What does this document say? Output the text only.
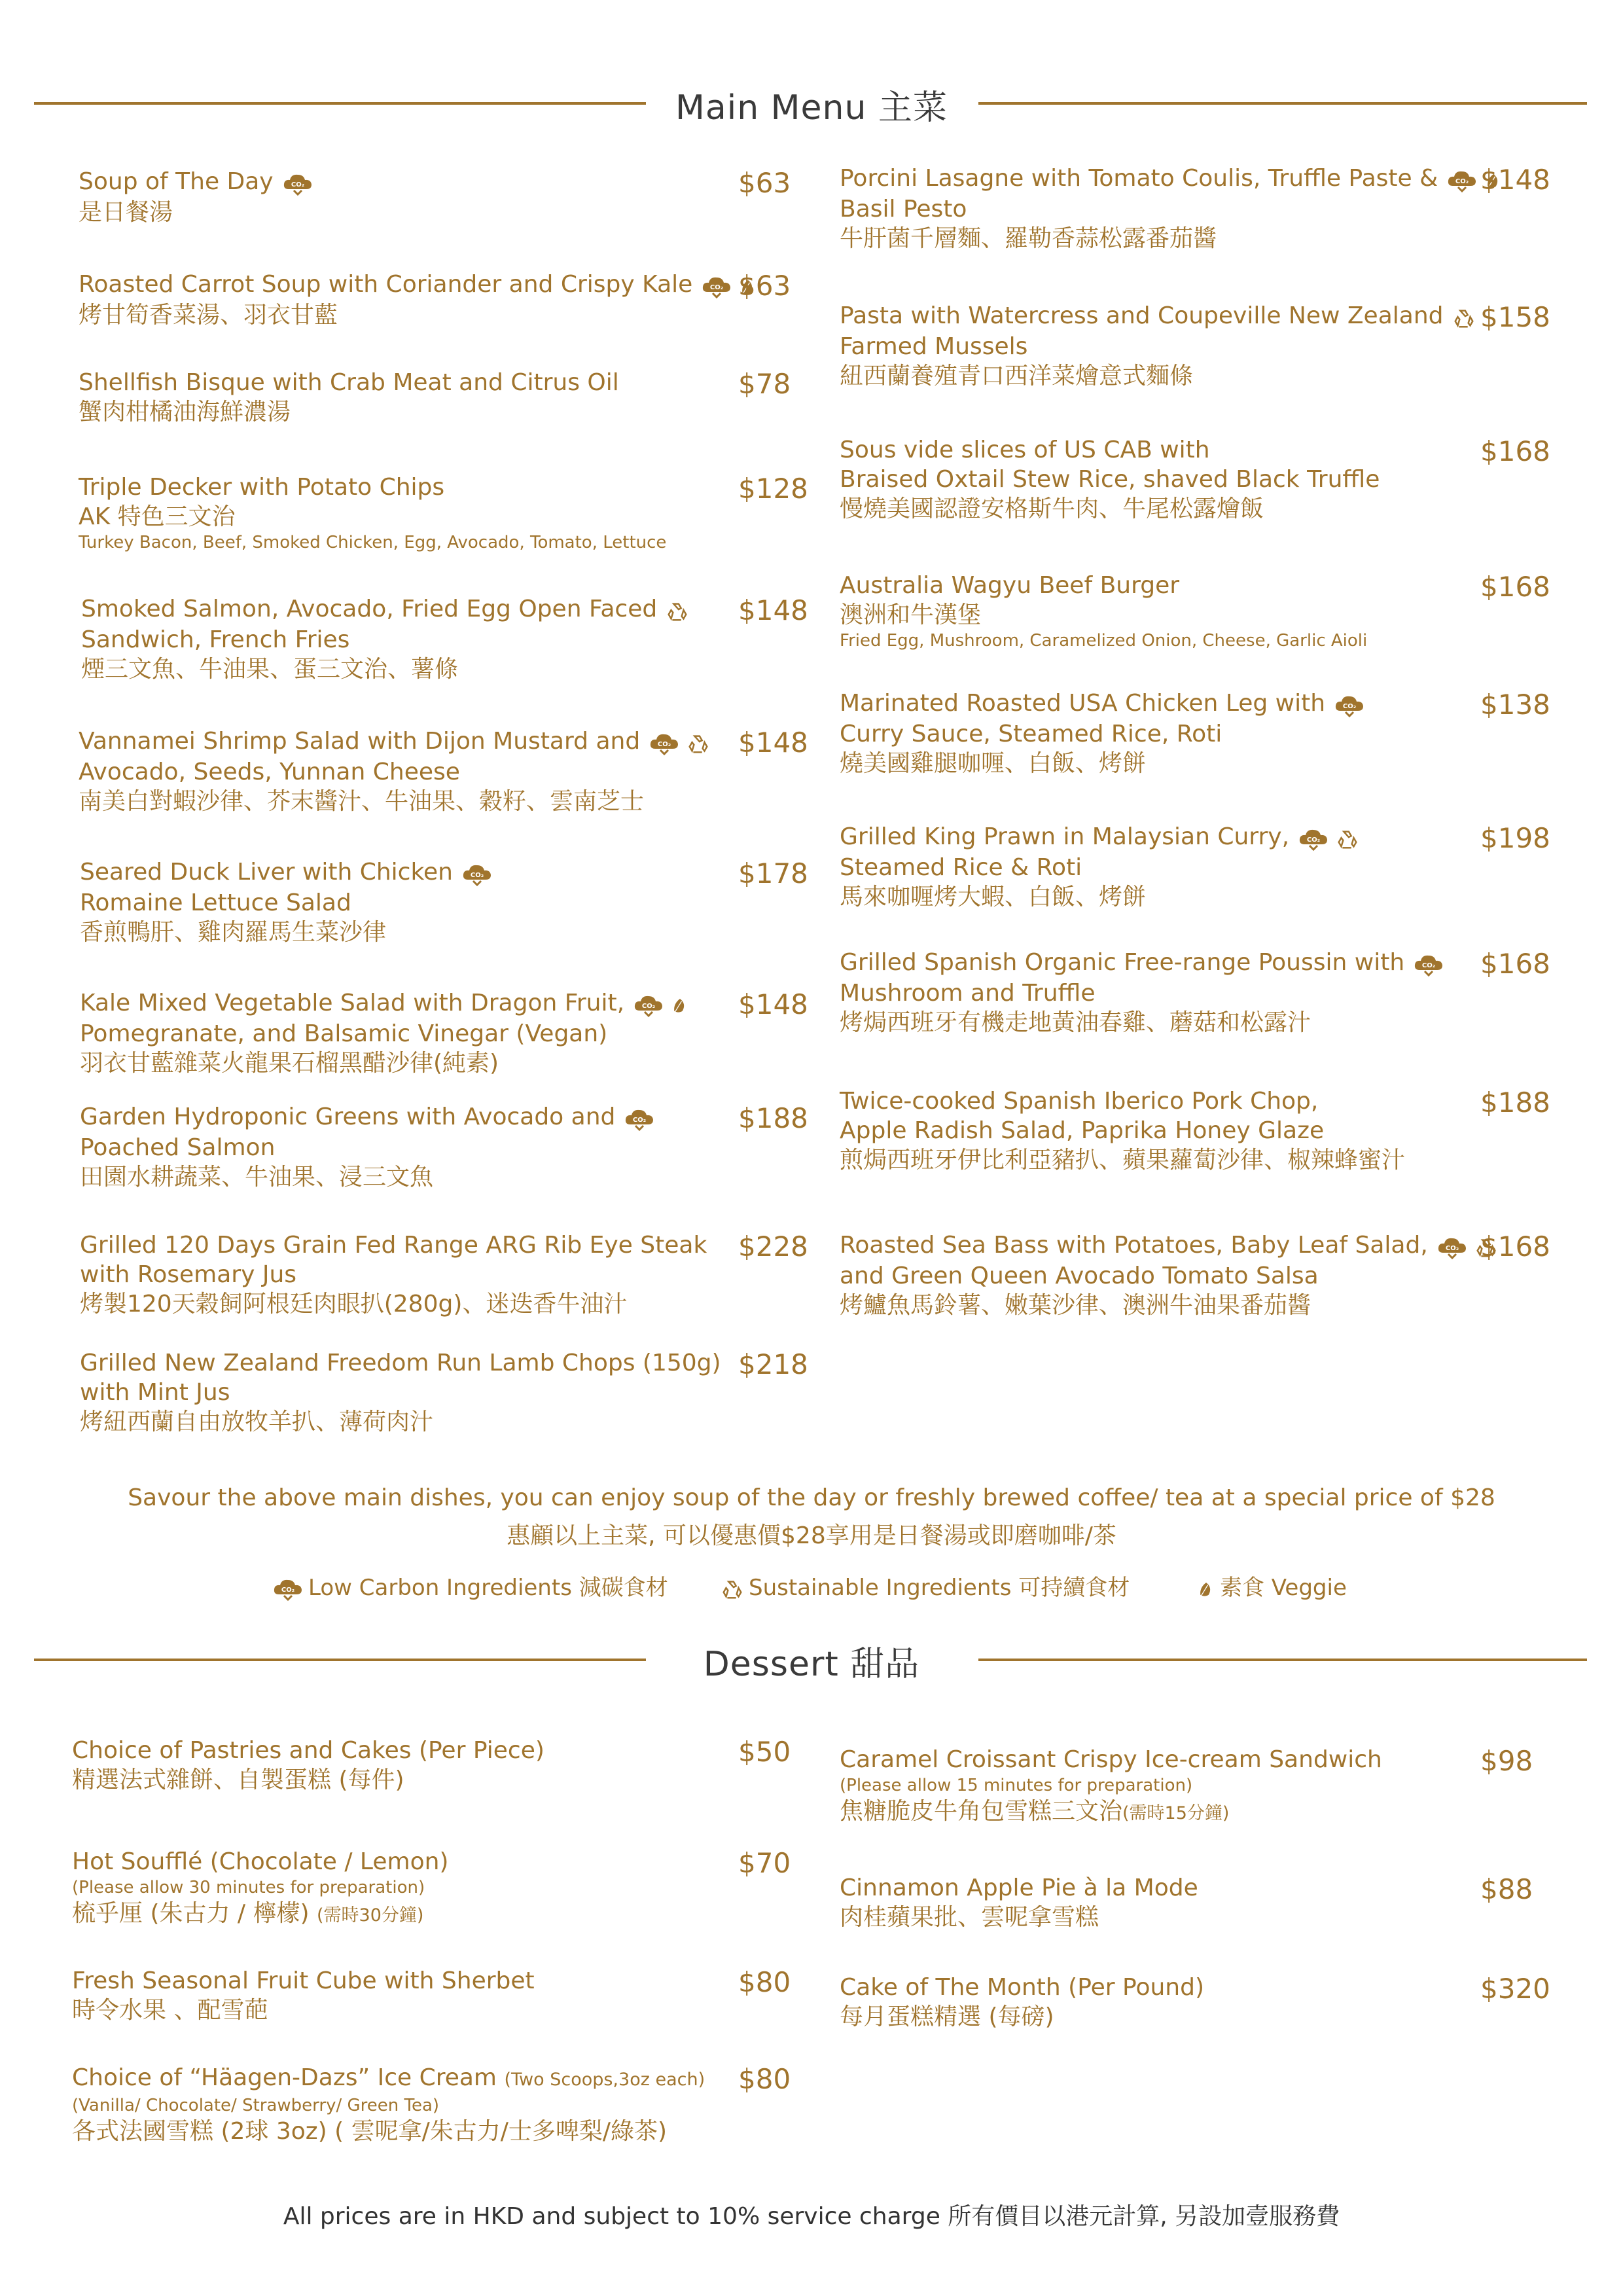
Main Menu 主菜
Soup of The Day
是日餐湯
$63
Roasted Carrot Soup with Coriander and Crispy Kale
烤甘筍香菜湯、羽衣甘藍
$63
Shellfish Bisque with Crab Meat and Citrus Oil
蟹肉柑橘油海鮮濃湯
$78
Triple Decker with Potato Chips
AK 特色三文治
Turkey Bacon, Beef, Smoked Chicken, Egg, Avocado, Tomato, Lettuce
$128
Smoked Salmon, Avocado, Fried Egg Open Faced
Sandwich, French Fries
煙三文魚、牛油果、蛋三文治、薯條
$148
Vannamei Shrimp Salad with Dijon Mustard and
Avocado, Seeds, Yunnan Cheese
南美白對蝦沙律、芥末醬汁、牛油果、穀籽、雲南芝士
$148
Seared Duck Liver with Chicken
Romaine Lettuce Salad
香煎鴨肝、雞肉羅馬生菜沙律
$178
Kale Mixed Vegetable Salad with Dragon Fruit,
Pomegranate, and Balsamic Vinegar (Vegan)
羽衣甘藍雜菜火龍果石榴黑醋沙律(純素)
$148
Garden Hydroponic Greens with Avocado and
Poached Salmon
田園水耕蔬菜、牛油果、浸三文魚
$188
Grilled 120 Days Grain Fed Range ARG Rib Eye Steak
with Rosemary Jus
烤製120天穀飼阿根廷肉眼扒(280g)、迷迭香牛油汁
$228
Grilled New Zealand Freedom Run Lamb Chops (150g)
with Mint Jus
烤紐西蘭自由放牧羊扒、薄荷肉汁
$218
Porcini Lasagne with Tomato Coulis, Truffle Paste &
Basil Pesto
牛肝菌千層麵、羅勒香蒜松露番茄醬
$148
Pasta with Watercress and Coupeville New Zealand
Farmed Mussels
紐西蘭養殖青口西洋菜燴意式麵條
$158
Sous vide slices of US CAB with
Braised Oxtail Stew Rice, shaved Black Truffle
慢燒美國認證安格斯牛肉、牛尾松露燴飯
$168
Australia Wagyu Beef Burger
澳洲和牛漢堡
Fried Egg, Mushroom, Caramelized Onion, Cheese, Garlic Aioli
$168
Marinated Roasted USA Chicken Leg with
Curry Sauce, Steamed Rice, Roti
燒美國雞腿咖喱、白飯、烤餅
$138
Grilled King Prawn in Malaysian Curry,
Steamed Rice & Roti
馬來咖喱烤大蝦、白飯、烤餅
$198
Grilled Spanish Organic Free-range Poussin with
Mushroom and Truffle
烤焗西班牙有機走地黃油春雞、蘑菇和松露汁
$168
Twice-cooked Spanish Iberico Pork Chop,
Apple Radish Salad, Paprika Honey Glaze
煎焗西班牙伊比利亞豬扒、蘋果蘿蔔沙律、椒辣蜂蜜汁
$188
Roasted Sea Bass with Potatoes, Baby Leaf Salad,
and Green Queen Avocado Tomato Salsa
烤鱸魚馬鈴薯、嫩葉沙律、澳洲牛油果番茄醬
$168
Savour the above main dishes, you can enjoy soup of the day or freshly brewed coffee/ tea at a special price of $28
惠顧以上主菜, 可以優惠價$28享用是日餐湯或即磨咖啡/茶
Low Carbon Ingredients 減碳食材	Sustainable Ingredients 可持續食材	素食 Veggie
Dessert 甜品
Choice of Pastries and Cakes (Per Piece)
精選法式雜餅、自製蛋糕 (每件)
$50
Hot Soufflé (Chocolate / Lemon)
(Please allow 30 minutes for preparation)
梳乎厘 (朱古力 / 檸檬) (需時30分鐘)
$70
Fresh Seasonal Fruit Cube with Sherbet
時令水果 、配雪葩
$80
Choice of “Häagen-Dazs” Ice Cream (Two Scoops,3oz each)
(Vanilla/ Chocolate/ Strawberry/ Green Tea)
各式法國雪糕 (2球 3oz) ( 雲呢拿/朱古力/士多啤梨/綠茶)
$80
Caramel Croissant Crispy Ice-cream Sandwich
(Please allow 15 minutes for preparation)
焦糖脆皮牛角包雪糕三文治(需時15分鐘)
$98
Cinnamon Apple Pie à la Mode
肉桂蘋果批、雲呢拿雪糕
$88
Cake of The Month (Per Pound)
每月蛋糕精選 (每磅)
$320
All prices are in HKD and subject to 10% service charge 所有價目以港元計算, 另設加壹服務費
